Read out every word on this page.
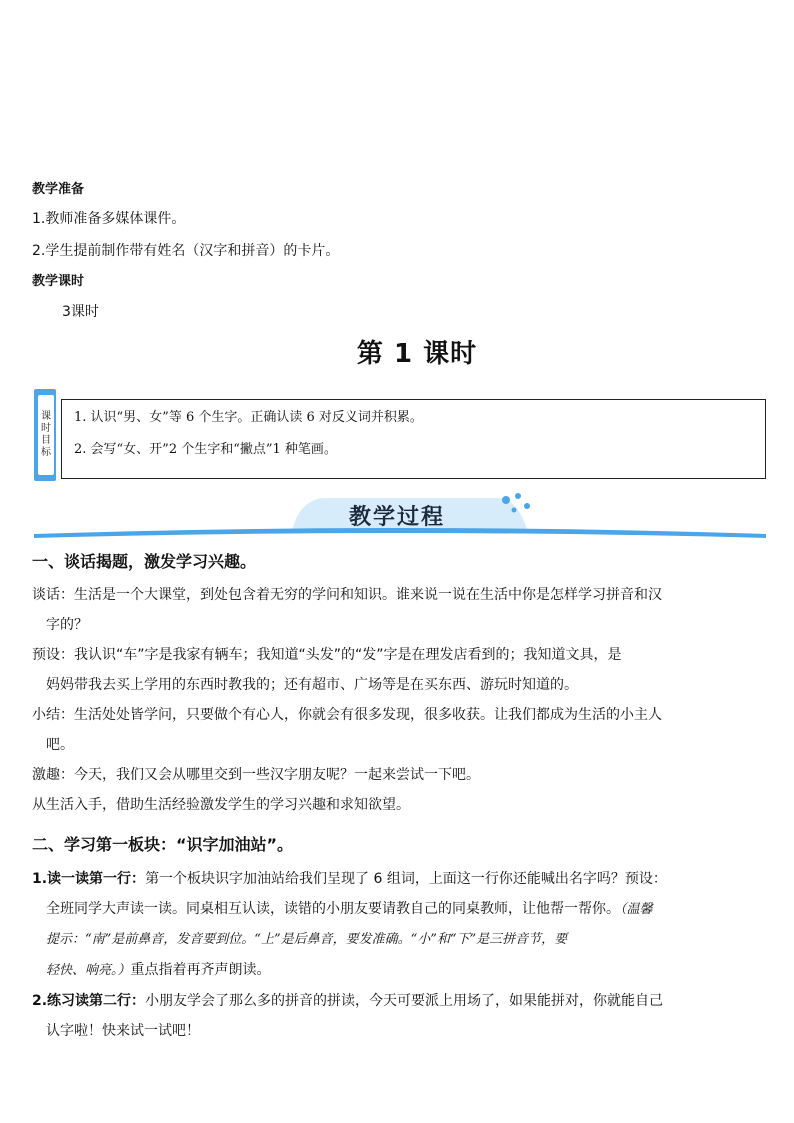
教学准备
1.教师准备多媒体课件。
2.学生提前制作带有姓名（汉字和拼音）的卡片。
教学课时
3课时
第 1 课时
课
时
目
标
1. 认识“男、女”等 6 个生字。正确认读 6 对反义词并积累。
2. 会写“女、开”2 个生字和“撇点”1 种笔画。
教学过程
一、谈话揭题，激发学习兴趣。
谈话：生活是一个大课堂，到处包含着无穷的学问和知识。谁来说一说在生活中你是怎样学习拼音和汉
字的？
预设：我认识“车”字是我家有辆车；我知道“头发”的“发”字是在理发店看到的；我知道文具，是
妈妈带我去买上学用的东西时教我的；还有超市、广场等是在买东西、游玩时知道的。
小结：生活处处皆学问，只要做个有心人，你就会有很多发现，很多收获。让我们都成为生活的小主人
吧。
激趣：今天，我们又会从哪里交到一些汉字朋友呢？一起来尝试一下吧。
从生活入手，借助生活经验激发学生的学习兴趣和求知欲望。
二、学习第一板块：“识字加油站”。
1.读一读第一行：第一个板块识字加油站给我们呈现了 6 组词，上面这一行你还能喊出名字吗？预设：
全班同学大声读一读。同桌相互认读，读错的小朋友要请教自己的同桌教师，让他帮一帮你。（温馨
提示：“南”是前鼻音，发音要到位。“上”是后鼻音，要发准确。“小”和“下”是三拼音节，要
轻快、响亮。）重点指着再齐声朗读。
2.练习读第二行：小朋友学会了那么多的拼音的拼读，今天可要派上用场了，如果能拼对，你就能自己
认字啦！快来试一试吧！
